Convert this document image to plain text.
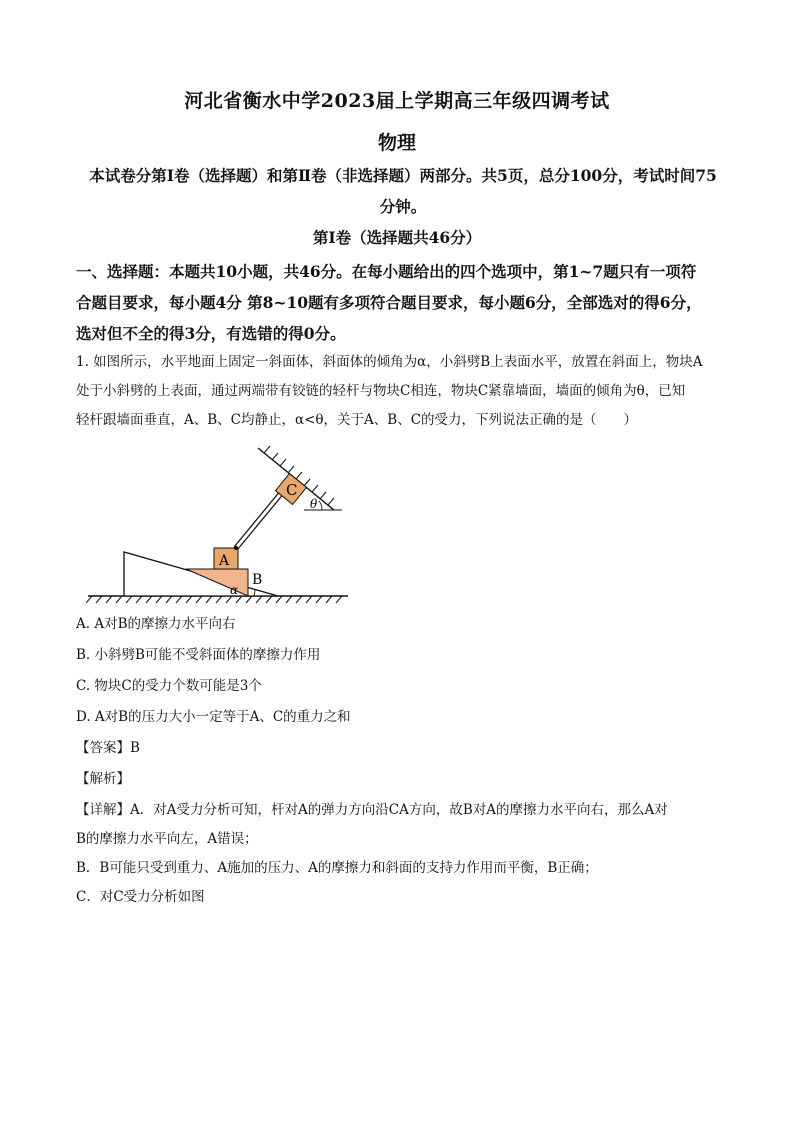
河北省衡水中学2023届上学期高三年级四调考试
物理
本试卷分第Ⅰ卷（选择题）和第Ⅱ卷（非选择题）两部分。共5页，总分100分，考试时间75
分钟。
第Ⅰ卷（选择题共46分）
一、选择题：本题共10小题，共46分。在每小题给出的四个选项中，第1~7题只有一项符
合题目要求，每小题4分 第8~10题有多项符合题目要求，每小题6分，全部选对的得6分，
选对但不全的得3分，有选错的得0分。
1. 如图所示，水平地面上固定一斜面体，斜面体的倾角为α，小斜劈B上表面水平，放置在斜面上，物块A
处于小斜劈的上表面，通过两端带有铰链的轻杆与物块C相连，物块C紧靠墙面，墙面的倾角为θ，已知
轻杆跟墙面垂直，A、B、C均静止，α<θ，关于A、B、C的受力，下列说法正确的是（　　）
C
A
B
α
θ
A. A对B的摩擦力水平向右
B. 小斜劈B可能不受斜面体的摩擦力作用
C. 物块C的受力个数可能是3个
D. A对B的压力大小一定等于A、C的重力之和
【答案】B
【解析】
【详解】A．对A受力分析可知，杆对A的弹力方向沿CA方向，故B对A的摩擦力水平向右，那么A对
B的摩擦力水平向左，A错误；
B．B可能只受到重力、A施加的压力、A的摩擦力和斜面的支持力作用而平衡，B正确；
C．对C受力分析如图
